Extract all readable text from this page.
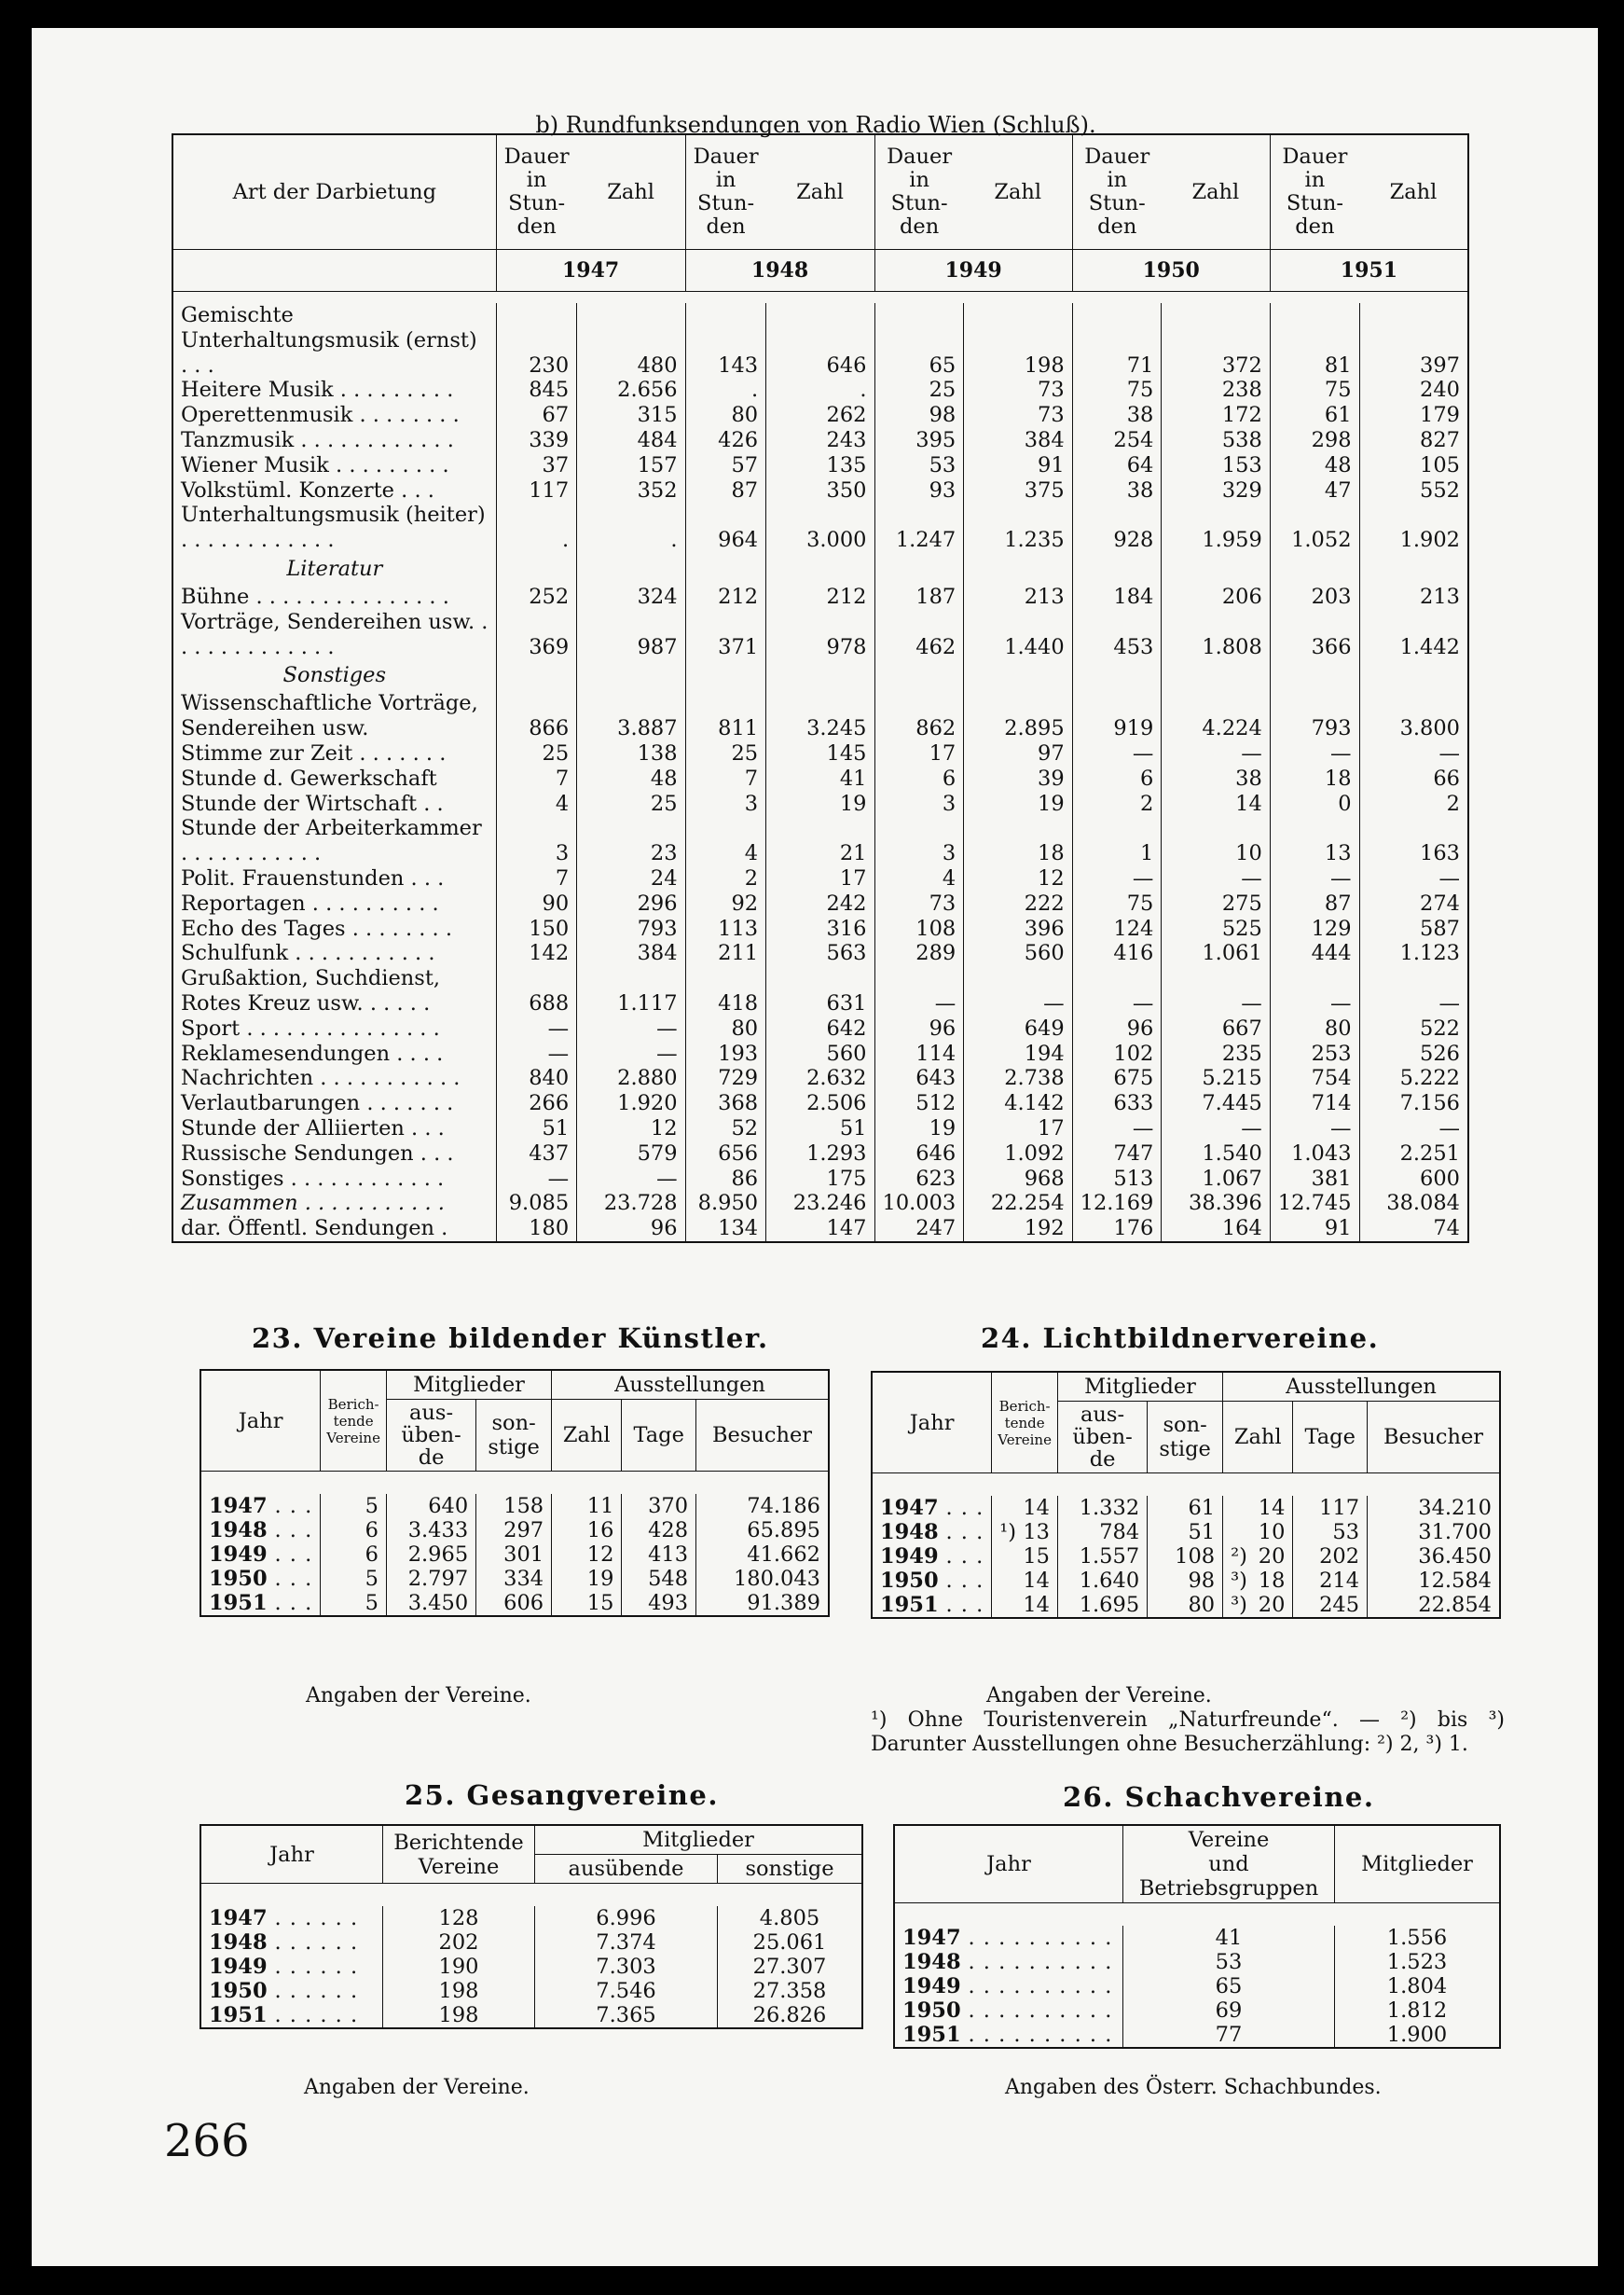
b) Rundfunksendungen von Radio Wien (Schluß).
Art der Darbietung	Dauer
in
Stun-
den	Zahl	Dauer
in
Stun-
den	Zahl	Dauer
in
Stun-
den	Zahl	Dauer
in
Stun-
den	Zahl	Dauer
in
Stun-
den	Zahl
	1947		1948		1949		1950		1951	

Gemischte Unterhaltungsmusik (ernst) . . .	230	480	143	646	65	198	71	372	81	397
Heitere Musik . . . . . . . . .	845	2.656	.	.	25	73	75	238	75	240
Operettenmusik . . . . . . . .	67	315	80	262	98	73	38	172	61	179
Tanzmusik . . . . . . . . . . . .	339	484	426	243	395	384	254	538	298	827
Wiener Musik . . . . . . . . .	37	157	57	135	53	91	64	153	48	105
Volkstüml. Konzerte . . .	117	352	87	350	93	375	38	329	47	552
Unterhaltungsmusik (heiter) . . . . . . . . . . . .	.	.	964	3.000	1.247	1.235	928	1.959	1.052	1.902
Literatur										
Bühne . . . . . . . . . . . . . . .	252	324	212	212	187	213	184	206	203	213
Vorträge, Sendereihen usw. . . . . . . . . . . . . .	369	987	371	978	462	1.440	453	1.808	366	1.442
Sonstiges										
Wissenschaftliche Vorträge, Sendereihen usw.	866	3.887	811	3.245	862	2.895	919	4.224	793	3.800
Stimme zur Zeit . . . . . . .	25	138	25	145	17	97	—	—	—	—
Stunde d. Gewerkschaft	7	48	7	41	6	39	6	38	18	66
Stunde der Wirtschaft . .	4	25	3	19	3	19	2	14	0	2
Stunde der Arbeiterkammer . . . . . . . . . . .	3	23	4	21	3	18	1	10	13	163
Polit. Frauenstunden . . .	7	24	2	17	4	12	—	—	—	—
Reportagen . . . . . . . . . .	90	296	92	242	73	222	75	275	87	274
Echo des Tages . . . . . . . .	150	793	113	316	108	396	124	525	129	587
Schulfunk . . . . . . . . . . .	142	384	211	563	289	560	416	1.061	444	1.123
Grußaktion, Suchdienst, Rotes Kreuz usw. . . . . .	688	1.117	418	631	—	—	—	—	—	—
Sport . . . . . . . . . . . . . . .	—	—	80	642	96	649	96	667	80	522
Reklamesendungen . . . .	—	—	193	560	114	194	102	235	253	526
Nachrichten . . . . . . . . . . .	840	2.880	729	2.632	643	2.738	675	5.215	754	5.222
Verlautbarungen . . . . . . .	266	1.920	368	2.506	512	4.142	633	7.445	714	7.156
Stunde der Alliierten . . .	51	12	52	51	19	17	—	—	—	—
Russische Sendungen . . .	437	579	656	1.293	646	1.092	747	1.540	1.043	2.251
Sonstiges . . . . . . . . . . . .	—	—	86	175	623	968	513	1.067	381	600
Zusammen . . . . . . . . . . .	9.085	23.728	8.950	23.246	10.003	22.254	12.169	38.396	12.745	38.084
dar. Öffentl. Sendungen .	180	96	134	147	247	192	176	164	91	74
23. Vereine bildender Künstler.
Jahr	Berich-
tende
Vereine	Mitglieder		Ausstellungen		
		aus-
üben-
de	son-
stige	Zahl	Tage	Besucher

1947 . . .	5	640	158	11	370	74.186
1948 . . .	6	3.433	297	16	428	65.895
1949 . . .	6	2.965	301	12	413	41.662
1950 . . .	5	2.797	334	19	548	180.043
1951 . . .	5	3.450	606	15	493	91.389
Angaben der Vereine.
24. Lichtbildnervereine.
Jahr	Berich-
tende
Vereine	Mitglieder		Ausstellungen		
		aus-
üben-
de	son-
stige	Zahl	Tage	Besucher

1947 . . .	14	1.332	61	14	117	34.210
1948 . . .	¹) 13	784	51	10	53	31.700
1949 . . .	15	1.557	108	²) 20	202	36.450
1950 . . .	14	1.640	98	³) 18	214	12.584
1951 . . .	14	1.695	80	³) 20	245	22.854
Angaben der Vereine.
¹) Ohne Touristenverein „Naturfreunde“. — ²) bis ³) Darunter Ausstellungen ohne Besucherzählung: ²) 2, ³) 1.
25. Gesangvereine.
Jahr	Berichtende
Vereine	Mitglieder	
		ausübende	sonstige

1947 . . . . . .	128	6.996	4.805
1948 . . . . . .	202	7.374	25.061
1949 . . . . . .	190	7.303	27.307
1950 . . . . . .	198	7.546	27.358
1951 . . . . . .	198	7.365	26.826
Angaben der Vereine.
26. Schachvereine.
Jahr	Vereine
und
Betriebsgruppen	Mitglieder

1947 . . . . . . . . . .	41	1.556
1948 . . . . . . . . . .	53	1.523
1949 . . . . . . . . . .	65	1.804
1950 . . . . . . . . . .	69	1.812
1951 . . . . . . . . . .	77	1.900
Angaben des Österr. Schachbundes.
266
